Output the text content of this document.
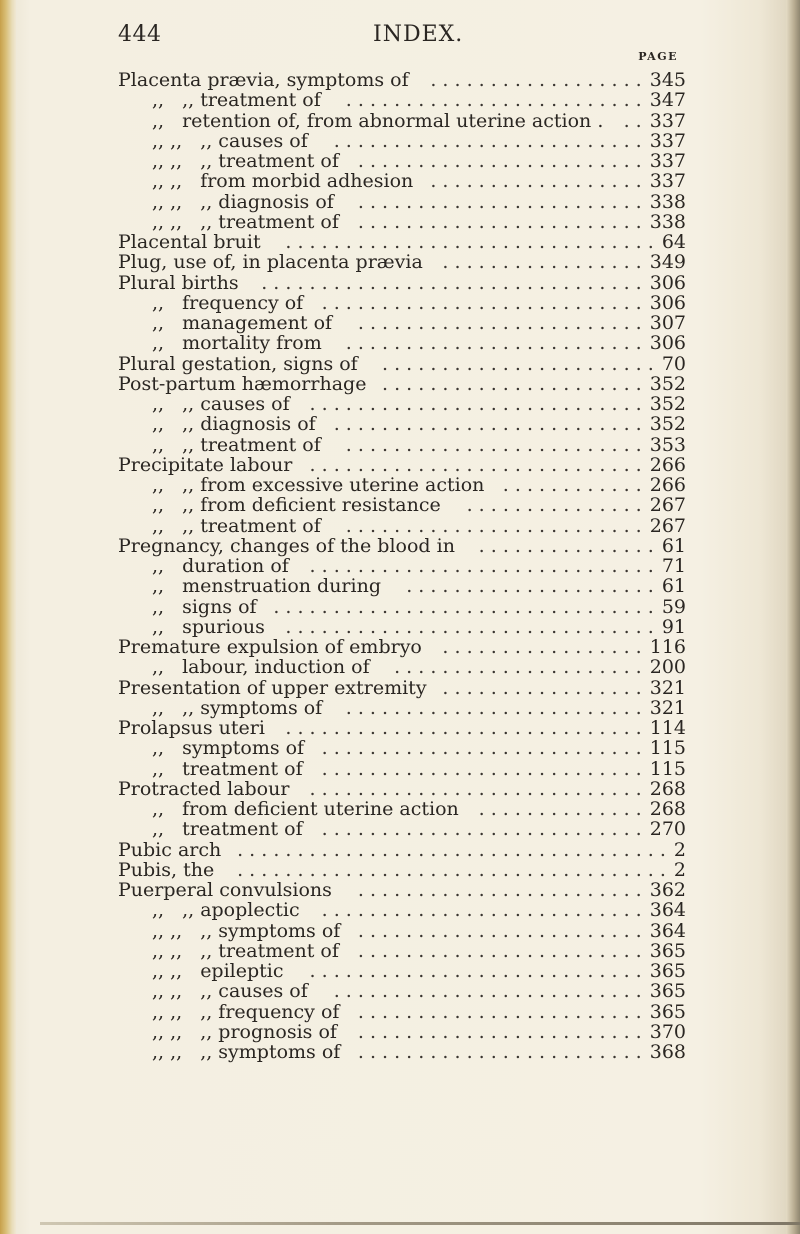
444	INDEX.
PAGE
Placenta prævia, symptoms of	345
. . . . . . . . . . . . . . . . . .
,, ,, treatment of	347
. . . . . . . . . . . . . . . . . . . . . . . . .
,, retention of, from abnormal uterine action . 337
. .
,, ,, ,, causes of	337
. . . . . . . . . . . . . . . . . . . . . . . . . .
,, ,, ,, treatment of	337
. . . . . . . . . . . . . . . . . . . . . . . .
,, ,, from morbid adhesion	337
. . . . . . . . . . . . . . . . . .
,, ,, ,, diagnosis of	338
. . . . . . . . . . . . . . . . . . . . . . . .
,, ,, ,, treatment of	338
. . . . . . . . . . . . . . . . . . . . . . . .
Placental bruit	64
. . . . . . . . . . . . . . . . . . . . . . . . . . . . . . .
Plug, use of, in placenta prævia	349
. . . . . . . . . . . . . . . . .
Plural births	306
. . . . . . . . . . . . . . . . . . . . . . . . . . . . . . . .
,, frequency of	306
. . . . . . . . . . . . . . . . . . . . . . . . . . .
,, management of	307
. . . . . . . . . . . . . . . . . . . . . . . .
,, mortality from	306
. . . . . . . . . . . . . . . . . . . . . . . . .
Plural gestation, signs of	70
. . . . . . . . . . . . . . . . . . . . . . .
Post-partum hæmorrhage	352
. . . . . . . . . . . . . . . . . . . . . .
,, ,, causes of	352
. . . . . . . . . . . . . . . . . . . . . . . . . . . .
,, ,, diagnosis of	352
. . . . . . . . . . . . . . . . . . . . . . . . . .
,, ,, treatment of	353
. . . . . . . . . . . . . . . . . . . . . . . . .
Precipitate labour	266
. . . . . . . . . . . . . . . . . . . . . . . . . . . .
,, ,, from excessive uterine action	266
. . . . . . . . . . . .
,, ,, from deficient resistance	267
. . . . . . . . . . . . . . .
,, ,, treatment of	267
. . . . . . . . . . . . . . . . . . . . . . . . .
Pregnancy, changes of the blood in	61
. . . . . . . . . . . . . . .
,, duration of	71
. . . . . . . . . . . . . . . . . . . . . . . . . . . . .
,, menstruation during	61
. . . . . . . . . . . . . . . . . . . . .
,, signs of	59
. . . . . . . . . . . . . . . . . . . . . . . . . . . . . . . .
,, spurious	91
. . . . . . . . . . . . . . . . . . . . . . . . . . . . . . .
Premature expulsion of embryo	116
. . . . . . . . . . . . . . . . .
,, labour, induction of	200
. . . . . . . . . . . . . . . . . . . . .
Presentation of upper extremity	321
. . . . . . . . . . . . . . . . .
,, ,, symptoms of	321
. . . . . . . . . . . . . . . . . . . . . . . . .
Prolapsus uteri	114
. . . . . . . . . . . . . . . . . . . . . . . . . . . . . .
,, symptoms of	115
. . . . . . . . . . . . . . . . . . . . . . . . . . .
,, treatment of	115
. . . . . . . . . . . . . . . . . . . . . . . . . . .
Protracted labour	268
. . . . . . . . . . . . . . . . . . . . . . . . . . . .
,, from deficient uterine action	268
. . . . . . . . . . . . . .
,, treatment of	270
. . . . . . . . . . . . . . . . . . . . . . . . . . .
Pubic arch	2
. . . . . . . . . . . . . . . . . . . . . . . . . . . . . . . . . . . .
Pubis, the	2
. . . . . . . . . . . . . . . . . . . . . . . . . . . . . . . . . . . .
Puerperal convulsions	362
. . . . . . . . . . . . . . . . . . . . . . . .
,, ,, apoplectic	364
. . . . . . . . . . . . . . . . . . . . . . . . . . .
,, ,, ,, symptoms of	364
. . . . . . . . . . . . . . . . . . . . . . . .
,, ,, ,, treatment of	365
. . . . . . . . . . . . . . . . . . . . . . . .
,, ,, epileptic	365
. . . . . . . . . . . . . . . . . . . . . . . . . . . .
,, ,, ,, causes of	365
. . . . . . . . . . . . . . . . . . . . . . . . . .
,, ,, ,, frequency of	365
. . . . . . . . . . . . . . . . . . . . . . . .
,, ,, ,, prognosis of	370
. . . . . . . . . . . . . . . . . . . . . . . .
,, ,, ,, symptoms of	368
. . . . . . . . . . . . . . . . . . . . . . . .
